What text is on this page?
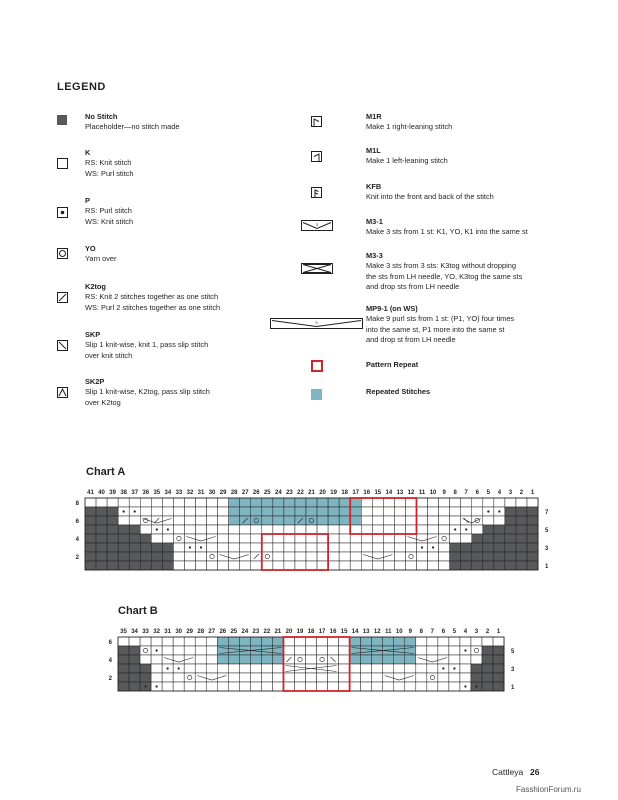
LEGEND
No Stitch
Placeholder—no stitch made
K
RS: Knit stitch
WS: Purl stitch
P
RS: Purl stitch
WS: Knit stitch
YO
Yarn over
K2tog
RS: Knit 2 stitches together as one stitch
WS: Purl 2 stitches together as one stitch
SKP
Slip 1 knit-wise, knit 1, pass slip stitch
over knit stitch
SK2P
Slip 1 knit-wise, K2tog, pass slip stitch
over K2tog
M1R
Make 1 right-leaning stitch
M1L
Make 1 left-leaning stitch
KFB
Knit into the front and back of the stitch
3	M3-1
Make 3 sts from 1 st: K1, YO, K1 into the same st
M3-3
Make 3 sts from 3 sts: K3tog without dropping
the sts from LH needle, YO, K3tog the same sts
and drop sts from LH needle
9
MP9-1 (on WS)
Make 9 purl sts from 1 st: (P1, YO) four times
into the same st, P1 more into the same st
and drop st from LH needle
Pattern Repeat
Repeated Stitches
Chart A
41 40 39 38 37 36 35 34 33 32 31 30 29 28 27 26 25 24 23 22 21 20 19 18 17 16 15 14 13 12 11 10 9 8 7 6 5 4 3 2 1
8
6
4
2
7
5
3
1
Chart B
35 34 33 32 31 30 29 28 27 26 25 24 23 22 21 20 19 18 17 16 15 14 13 12 11 10 9 8 7 6 5 4 3 2 1
6
4
2
5
3
1
Cattleya 26
FasshionForum.ru
